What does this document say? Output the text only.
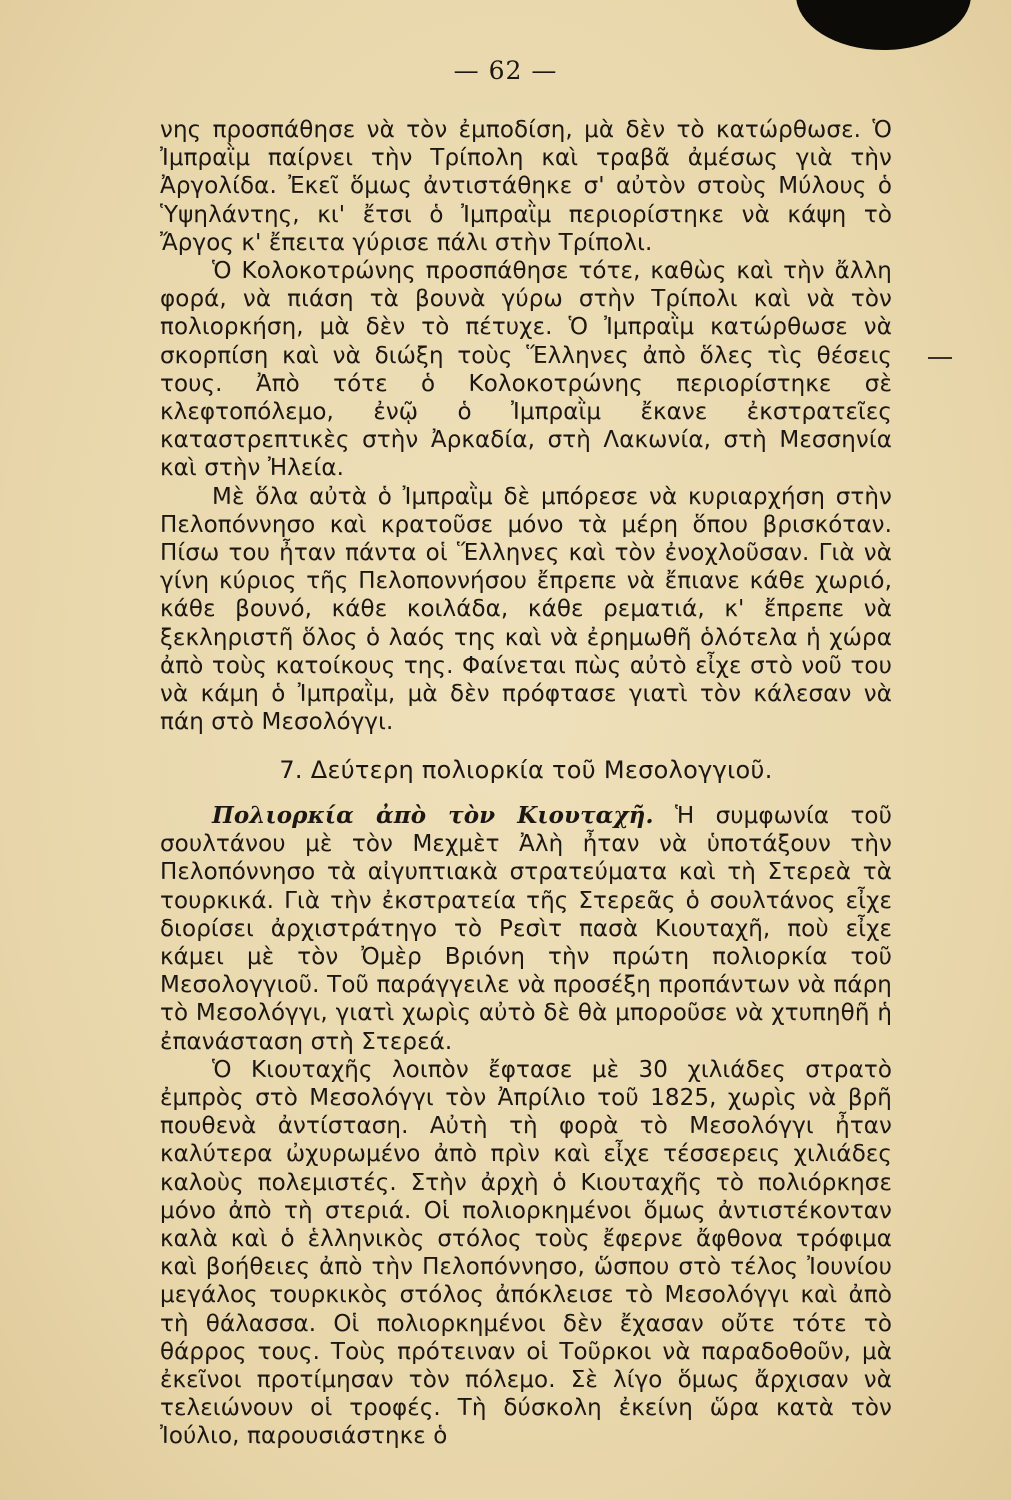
— 62 —

νης προσπάθησε νὰ τὸν ἐμποδίση, μὰ δὲν τὸ κατώρθωσε. Ὁ Ἰμπραῒμ παίρνει τὴν Τρίπολη καὶ τραβᾶ ἀμέσως γιὰ τὴν Ἀργολίδα. Ἐκεῖ ὅμως ἀντιστάθηκε σ' αὐτὸν στοὺς Μύλους ὁ Ὑψηλάντης, κι' ἔτσι ὁ Ἰμπραῒμ περιορίστηκε νὰ κάψη τὸ Ἄργος κ' ἔπειτα γύρισε πάλι στὴν Τρίπολι.

Ὁ Κολοκοτρώνης προσπάθησε τότε, καθὼς καὶ τὴν ἄλλη φορά, νὰ πιάση τὰ βουνὰ γύρω στὴν Τρίπολι καὶ νὰ τὸν πολιορκήση, μὰ δὲν τὸ πέτυχε. Ὁ Ἰμπραῒμ κατώρθωσε νὰ σκορπίση καὶ νὰ διώξη τοὺς Ἕλληνες ἀπὸ ὅλες τὶς θέσεις τους. Ἀπὸ τότε ὁ Κολοκοτρώνης περιορίστηκε σὲ κλεφτοπόλεμο, ἐνῷ ὁ Ἰμπραῒμ ἔκανε ἐκστρατεῖες καταστρεπτικὲς στὴν Ἀρκαδία, στὴ Λακωνία, στὴ Μεσσηνία καὶ στὴν Ἠλεία.

Μὲ ὅλα αὐτὰ ὁ Ἰμπραῒμ δὲ μπόρεσε νὰ κυριαρχήση στὴν Πελοπόννησο καὶ κρατοῦσε μόνο τὰ μέρη ὅπου βρισκόταν. Πίσω του ἦταν πάντα οἱ Ἕλληνες καὶ τὸν ἐνοχλοῦσαν. Γιὰ νὰ γίνη κύριος τῆς Πελοποννήσου ἔπρεπε νὰ ἔπιανε κάθε χωριό, κάθε βουνό, κάθε κοιλάδα, κάθε ρεματιά, κ' ἔπρεπε νὰ ξεκληριστῆ ὅλος ὁ λαός της καὶ νὰ ἐρημωθῆ ὁλότελα ἡ χώρα ἀπὸ τοὺς κατοίκους της. Φαίνεται πὼς αὐτὸ εἶχε στὸ νοῦ του νὰ κάμη ὁ Ἰμπραῒμ, μὰ δὲν πρόφτασε γιατὶ τὸν κάλεσαν νὰ πάη στὸ Μεσολόγγι.

7. Δεύτερη πολιορκία τοῦ Μεσολογγιοῦ.

Πολιορκία ἀπὸ τὸν Κιουταχῆ. Ἡ συμφωνία τοῦ σουλτάνου μὲ τὸν Μεχμὲτ Ἀλὴ ἦταν νὰ ὑποτάξουν τὴν Πελοπόννησο τὰ αἰγυπτιακὰ στρατεύματα καὶ τὴ Στερεὰ τὰ τουρκικά. Γιὰ τὴν ἐκστρατεία τῆς Στερεᾶς ὁ σουλτάνος εἶχε διορίσει ἀρχιστράτηγο τὸ Ρεσὶτ πασὰ Κιουταχῆ, ποὺ εἶχε κάμει μὲ τὸν Ὀμὲρ Βριόνη τὴν πρώτη πολιορκία τοῦ Μεσολογγιοῦ. Τοῦ παράγγειλε νὰ προσέξη προπάντων νὰ πάρη τὸ Μεσολόγγι, γιατὶ χωρὶς αὐτὸ δὲ θὰ μποροῦσε νὰ χτυπηθῆ ἡ ἐπανάσταση στὴ Στερεά.

Ὁ Κιουταχῆς λοιπὸν ἔφτασε μὲ 30 χιλιάδες στρατὸ ἐμπρὸς στὸ Μεσολόγγι τὸν Ἀπρίλιο τοῦ 1825, χωρὶς νὰ βρῆ πουθενὰ ἀντίσταση. Αὐτὴ τὴ φορὰ τὸ Μεσολόγγι ἦταν καλύτερα ὠχυρωμένο ἀπὸ πρὶν καὶ εἶχε τέσσερεις χιλιάδες καλοὺς πολεμιστές. Στὴν ἀρχὴ ὁ Κιουταχῆς τὸ πολιόρκησε μόνο ἀπὸ τὴ στεριά. Οἱ πολιορκημένοι ὅμως ἀντιστέκονταν καλὰ καὶ ὁ ἑλληνικὸς στόλος τοὺς ἔφερνε ἄφθονα τρόφιμα καὶ βοήθειες ἀπὸ τὴν Πελοπόννησο, ὥσπου στὸ τέλος Ἰουνίου μεγάλος τουρκικὸς στόλος ἀπόκλεισε τὸ Μεσολόγγι καὶ ἀπὸ τὴ θάλασσα. Οἱ πολιορκημένοι δὲν ἔχασαν οὔτε τότε τὸ θάρρος τους. Τοὺς πρότειναν οἱ Τοῦρκοι νὰ παραδοθοῦν, μὰ ἐκεῖνοι προτίμησαν τὸν πόλεμο. Σὲ λίγο ὅμως ἄρχισαν νὰ τελειώνουν οἱ τροφές. Τὴ δύσκολη ἐκείνη ὥρα κατὰ τὸν Ἰούλιο, παρουσιάστηκε ὁ
